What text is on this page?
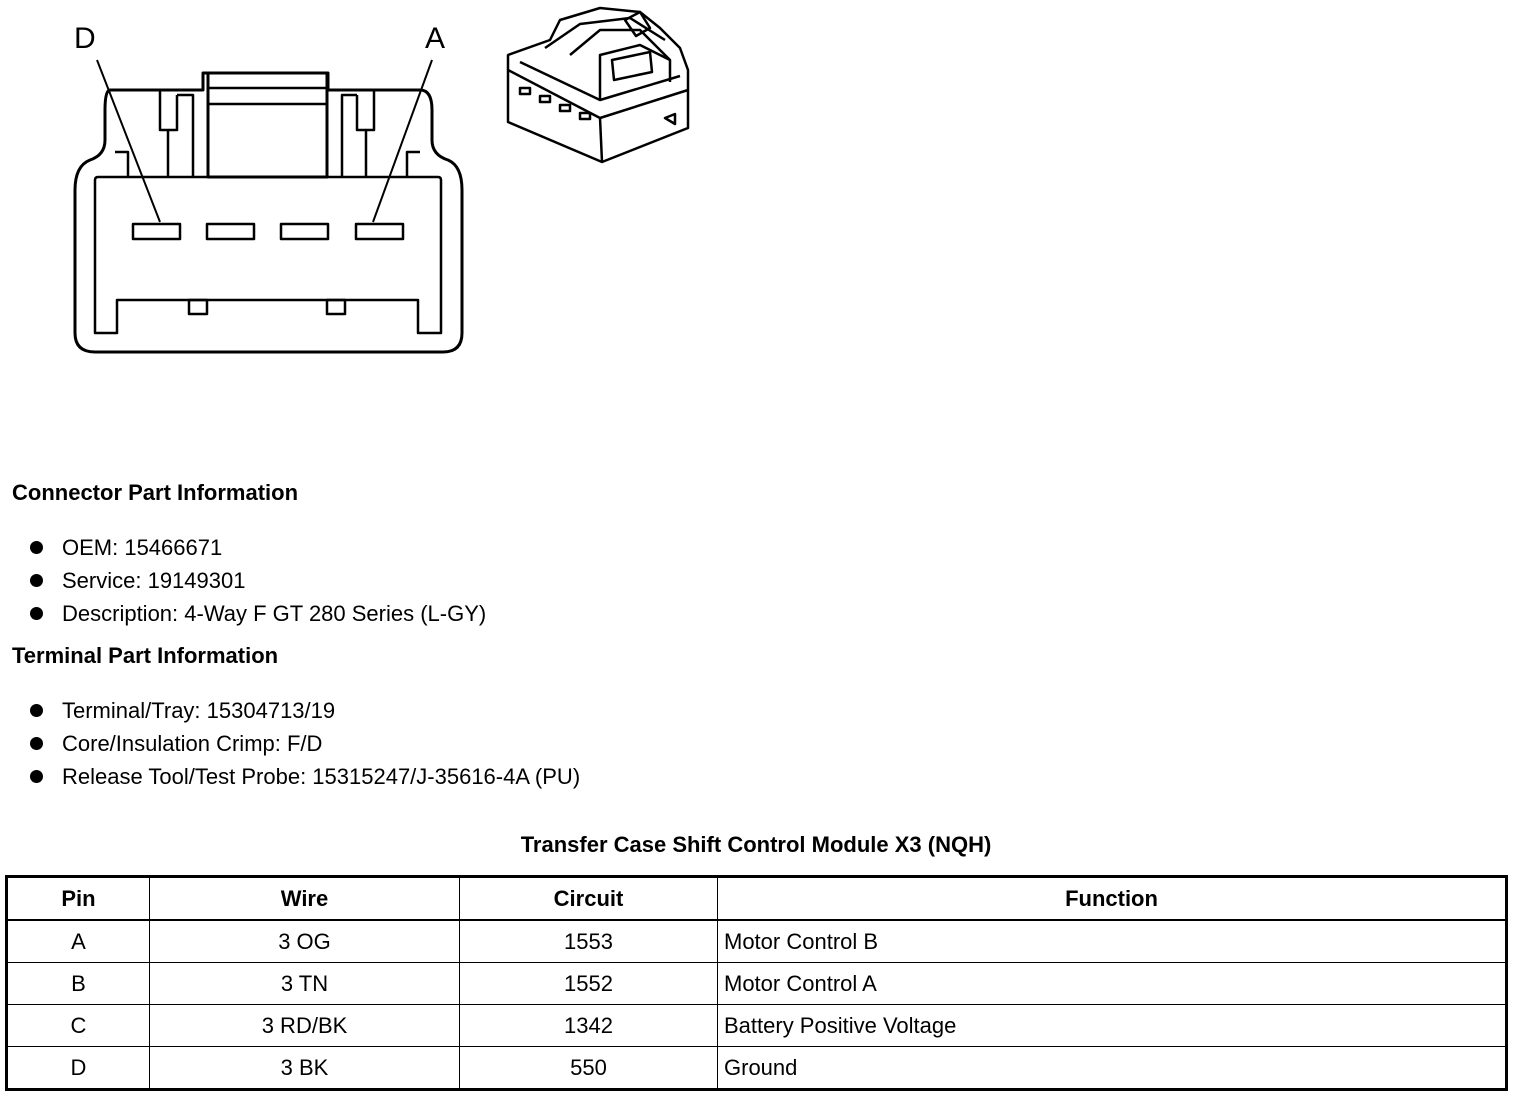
D	A
Connector Part Information
OEM: 15466671
Service: 19149301
Description: 4-Way F GT 280 Series (L-GY)
Terminal Part Information
Terminal/Tray: 15304713/19
Core/Insulation Crimp: F/D
Release Tool/Test Probe: 15315247/J-35616-4A (PU)
Transfer Case Shift Control Module X3 (NQH)
Pin	Wire	Circuit	Function
A	3 OG	1553	Motor Control B
B	3 TN	1552	Motor Control A
C	3 RD/BK	1342	Battery Positive Voltage
D	3 BK	550	Ground
